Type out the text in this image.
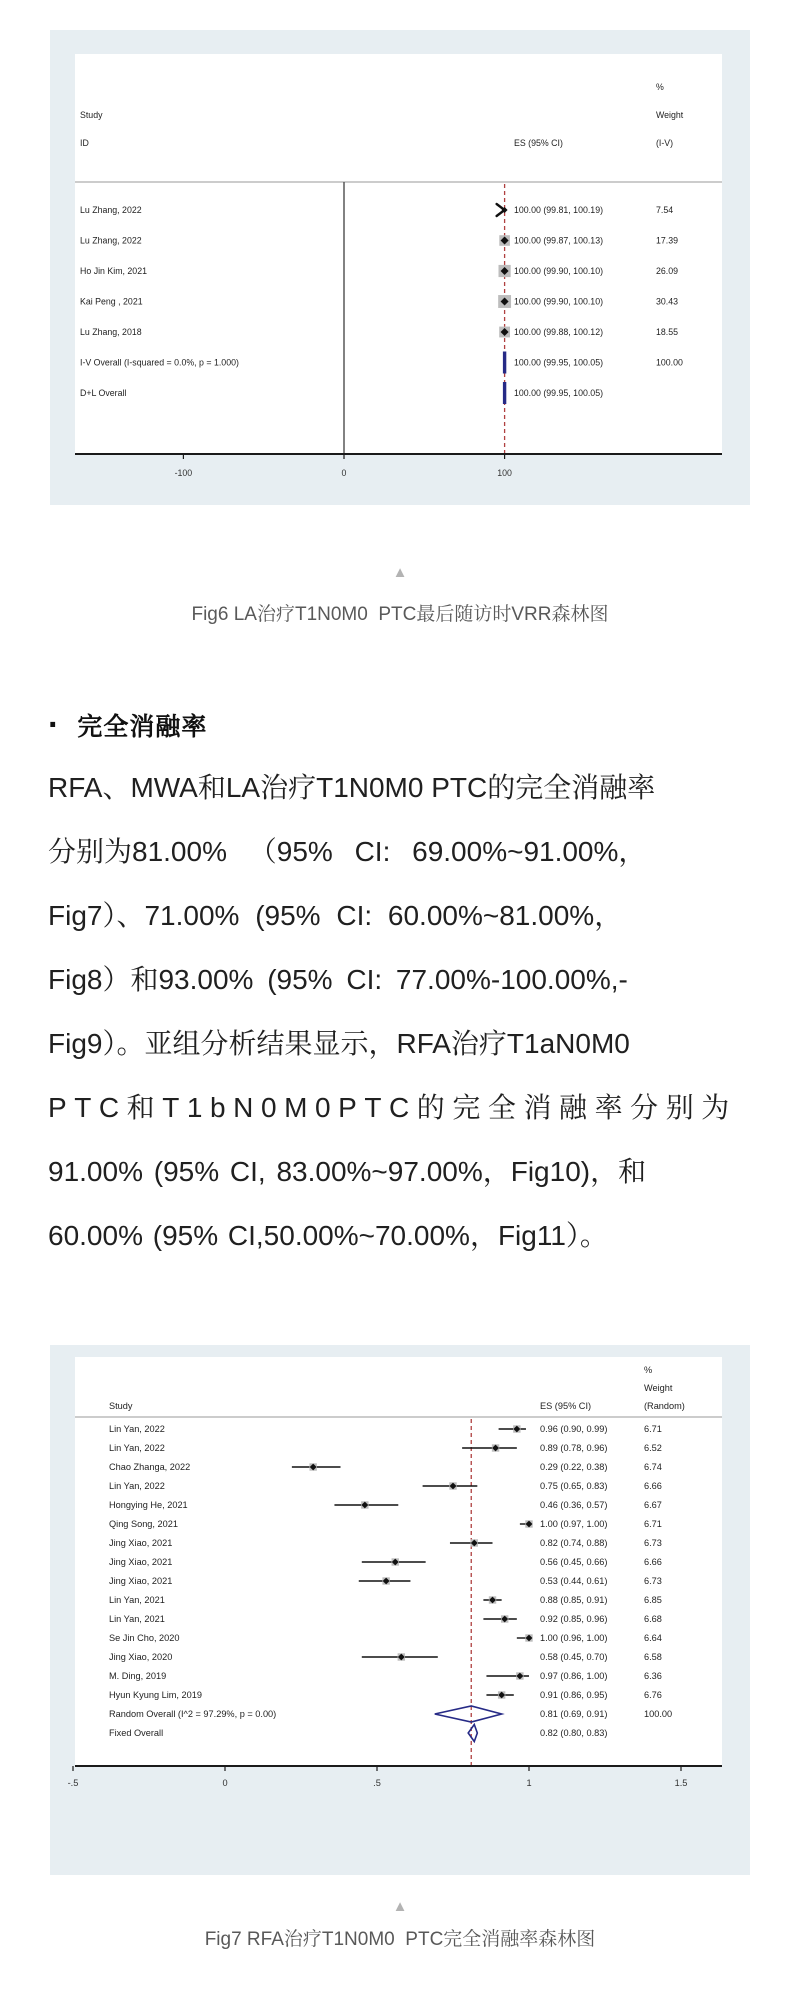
Study
ID	ES (95% CI)
%
Weight
(I-V)
Lu Zhang, 2022	100.00 (99.81, 100.19)	7.54
Lu Zhang, 2022	100.00 (99.87, 100.13)	17.39
Ho Jin Kim, 2021	100.00 (99.90, 100.10)	26.09
Kai Peng , 2021	100.00 (99.90, 100.10)	30.43
Lu Zhang, 2018	100.00 (99.88, 100.12)	18.55
I-V Overall (I-squared = 0.0%, p = 1.000)	100.00 (99.95, 100.05)	100.00
D+L Overall	100.00 (99.95, 100.05)
-100	0	100
▲
Fig6 LA治疗T1N0M0  PTC最后随访时VRR森林图
· 完全消融率
RFA、MWA和LA治疗T1N0M0 PTC的完全消融率
分别为81.00% （95% CI: 69.00%~91.00%，
Fig7）、71.00% (95% CI: 60.00%~81.00%，
Fig8）和93.00% (95% CI: 77.00%-100.00%,-
Fig9）。亚组分析结果显示，RFA治疗T1aN0M0
PTC和T1bN0M0PTC的完全消融率分别为
91.00% (95% CI, 83.00%~97.00%，Fig10)，和
60.00% (95% CI,50.00%~70.00%，Fig11）。
Study	ES (95% CI)
%
Weight
(Random)
Lin Yan, 2022	0.96 (0.90, 0.99)	6.71
Lin Yan, 2022	0.89 (0.78, 0.96)	6.52
Chao Zhanga, 2022	0.29 (0.22, 0.38)	6.74
Lin Yan, 2022	0.75 (0.65, 0.83)	6.66
Hongying He, 2021	0.46 (0.36, 0.57)	6.67
Qing Song, 2021	1.00 (0.97, 1.00)	6.71
Jing Xiao, 2021	0.82 (0.74, 0.88)	6.73
Jing Xiao, 2021	0.56 (0.45, 0.66)	6.66
Jing Xiao, 2021	0.53 (0.44, 0.61)	6.73
Lin Yan, 2021	0.88 (0.85, 0.91)	6.85
Lin Yan, 2021	0.92 (0.85, 0.96)	6.68
Se Jin Cho, 2020	1.00 (0.96, 1.00)	6.64
Jing Xiao, 2020	0.58 (0.45, 0.70)	6.58
M. Ding, 2019	0.97 (0.86, 1.00)	6.36
Hyun Kyung Lim, 2019	0.91 (0.86, 0.95)	6.76
Random Overall (I^2 = 97.29%, p = 0.00)	0.81 (0.69, 0.91)	100.00
Fixed Overall	0.82 (0.80, 0.83)
-.5	0	.5	1	1.5
▲
Fig7 RFA治疗T1N0M0  PTC完全消融率森林图
